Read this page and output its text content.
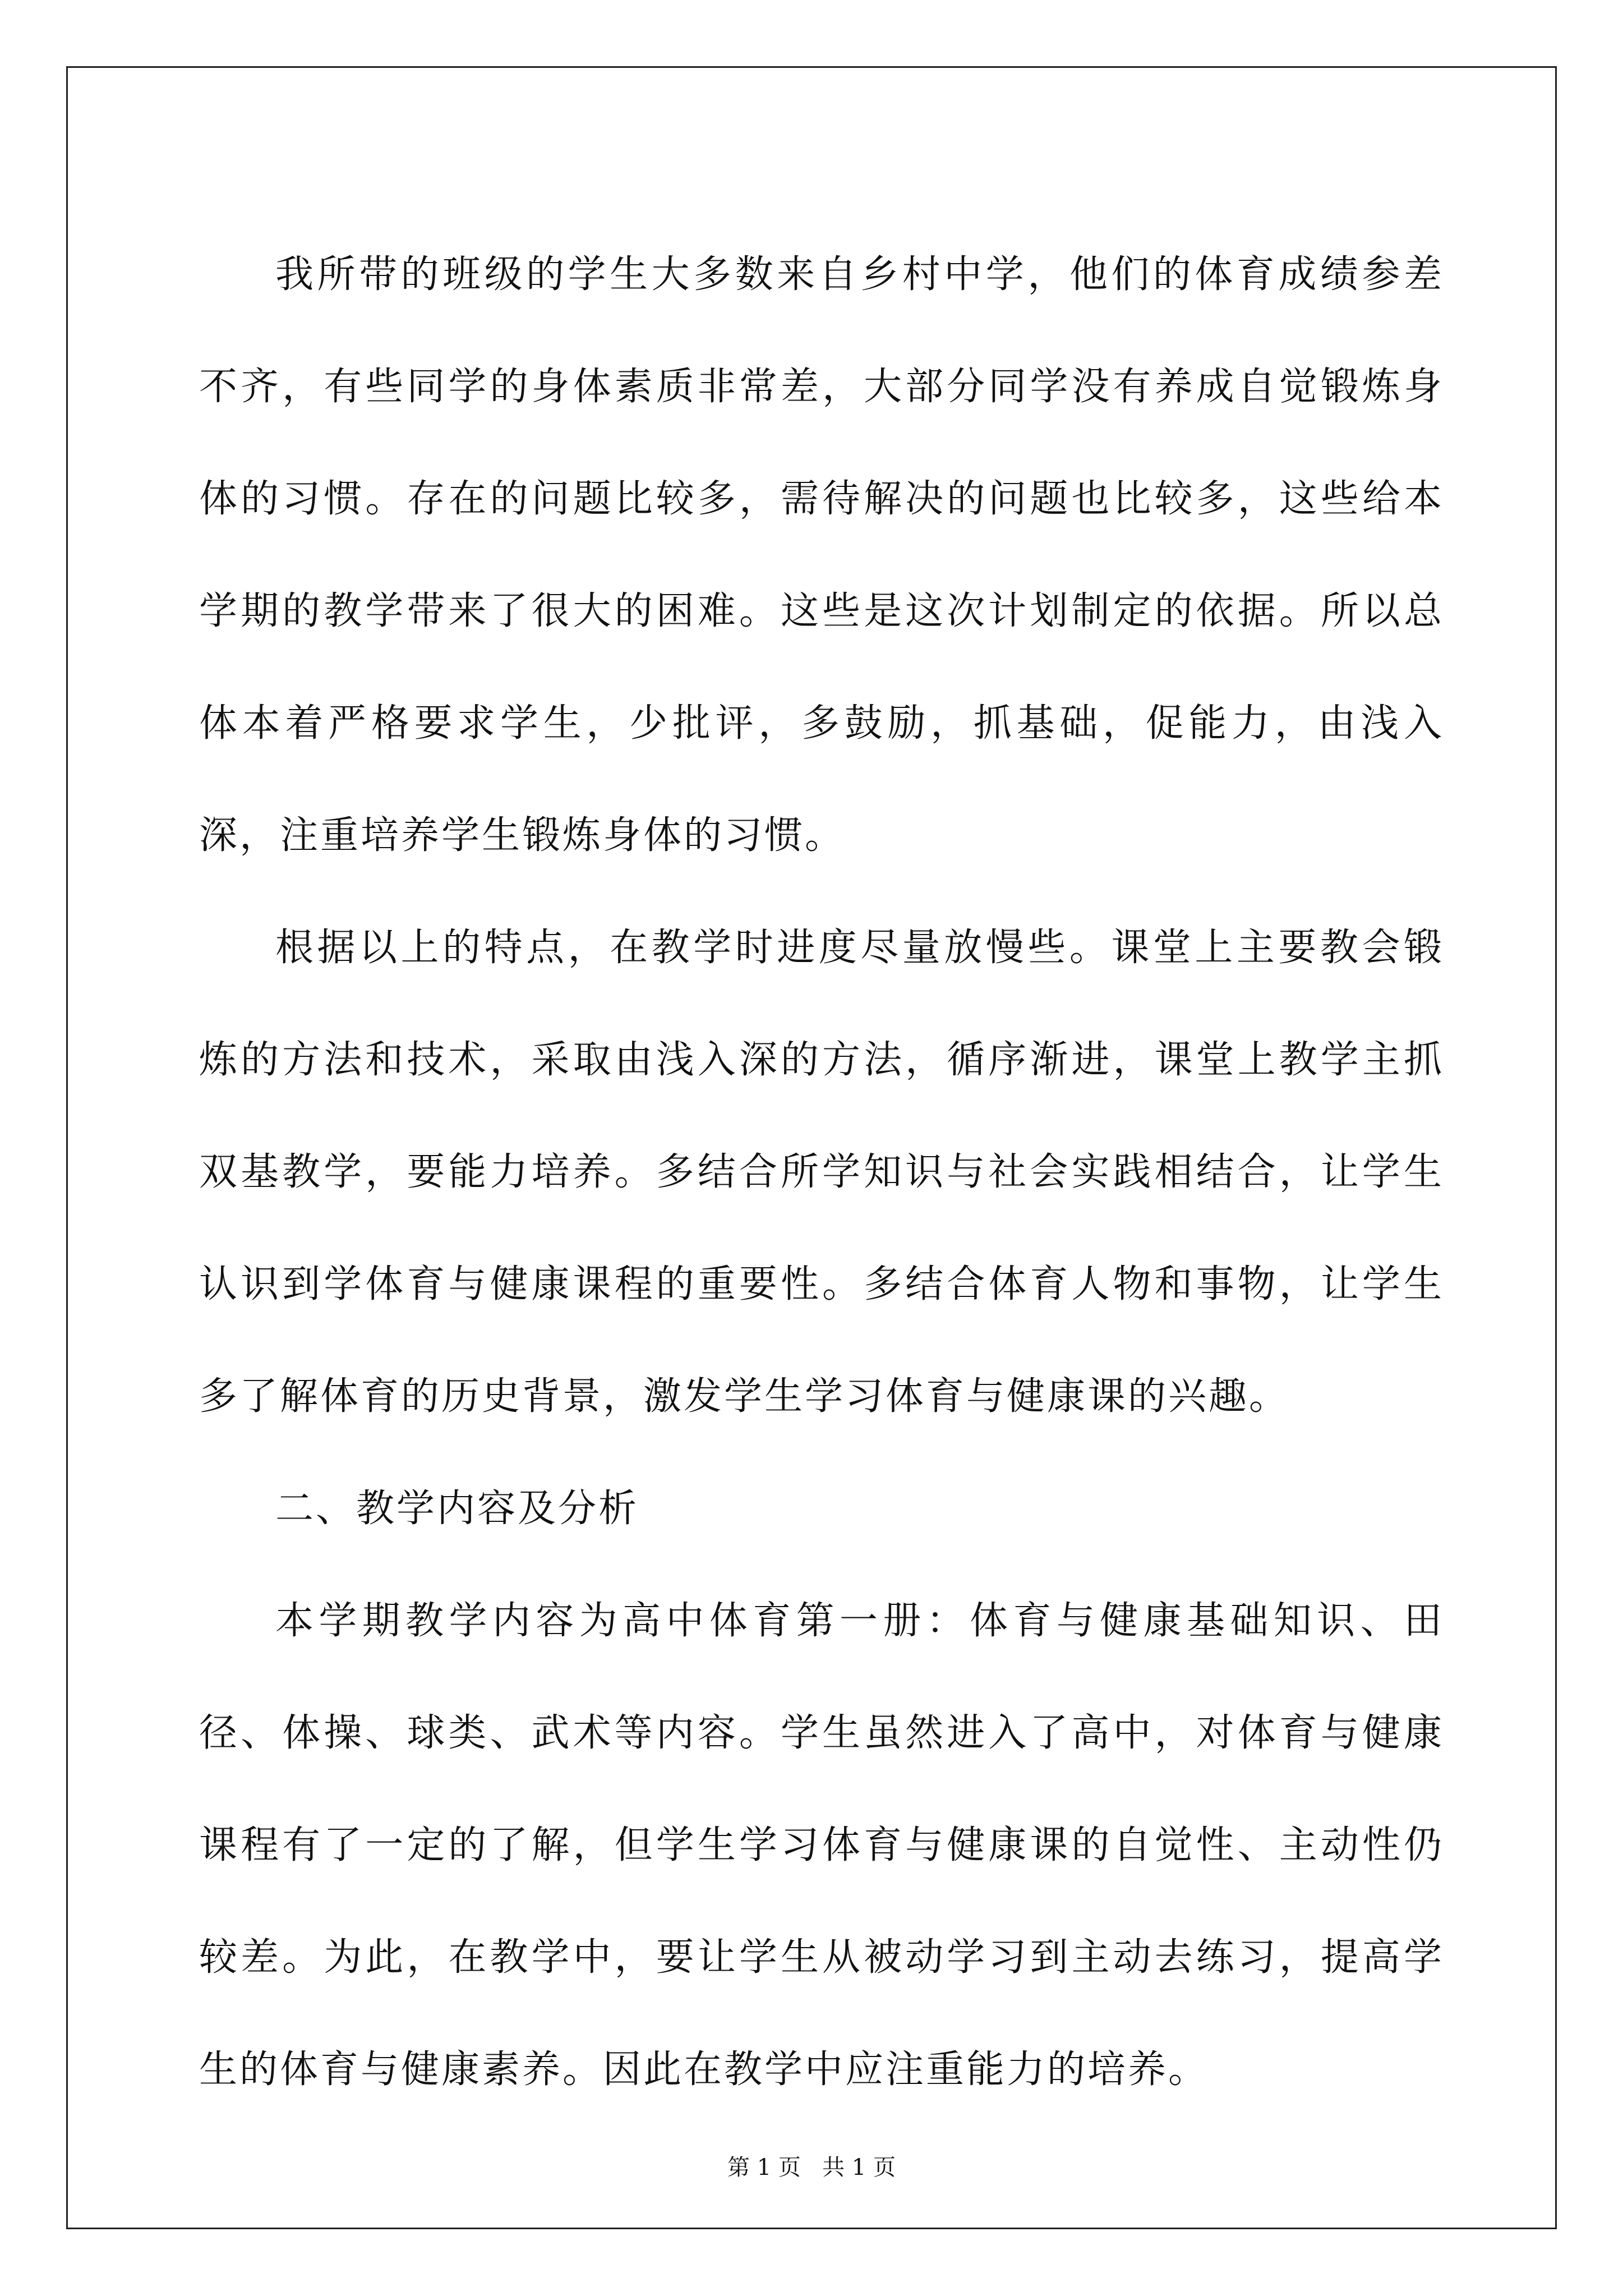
我所带的班级的学生大多数来自乡村中学，他们的体育成绩参差不齐，有些同学的身体素质非常差，大部分同学没有养成自觉锻炼身体的习惯。存在的问题比较多，需待解决的问题也比较多，这些给本学期的教学带来了很大的困难。这些是这次计划制定的依据。所以总体本着严格要求学生，少批评，多鼓励，抓基础，促能力，由浅入深，注重培养学生锻炼身体的习惯。

根据以上的特点，在教学时进度尽量放慢些。课堂上主要教会锻炼的方法和技术，采取由浅入深的方法，循序渐进，课堂上教学主抓双基教学，要能力培养。多结合所学知识与社会实践相结合，让学生认识到学体育与健康课程的重要性。多结合体育人物和事物，让学生多了解体育的历史背景，激发学生学习体育与健康课的兴趣。

二、教学内容及分析

本学期教学内容为高中体育第一册：体育与健康基础知识、田径、体操、球类、武术等内容。学生虽然进入了高中，对体育与健康课程有了一定的了解，但学生学习体育与健康课的自觉性、主动性仍较差。为此，在教学中，要让学生从被动学习到主动去练习，提高学生的体育与健康素养。因此在教学中应注重能力的培养。

第 1 页 共 1 页
